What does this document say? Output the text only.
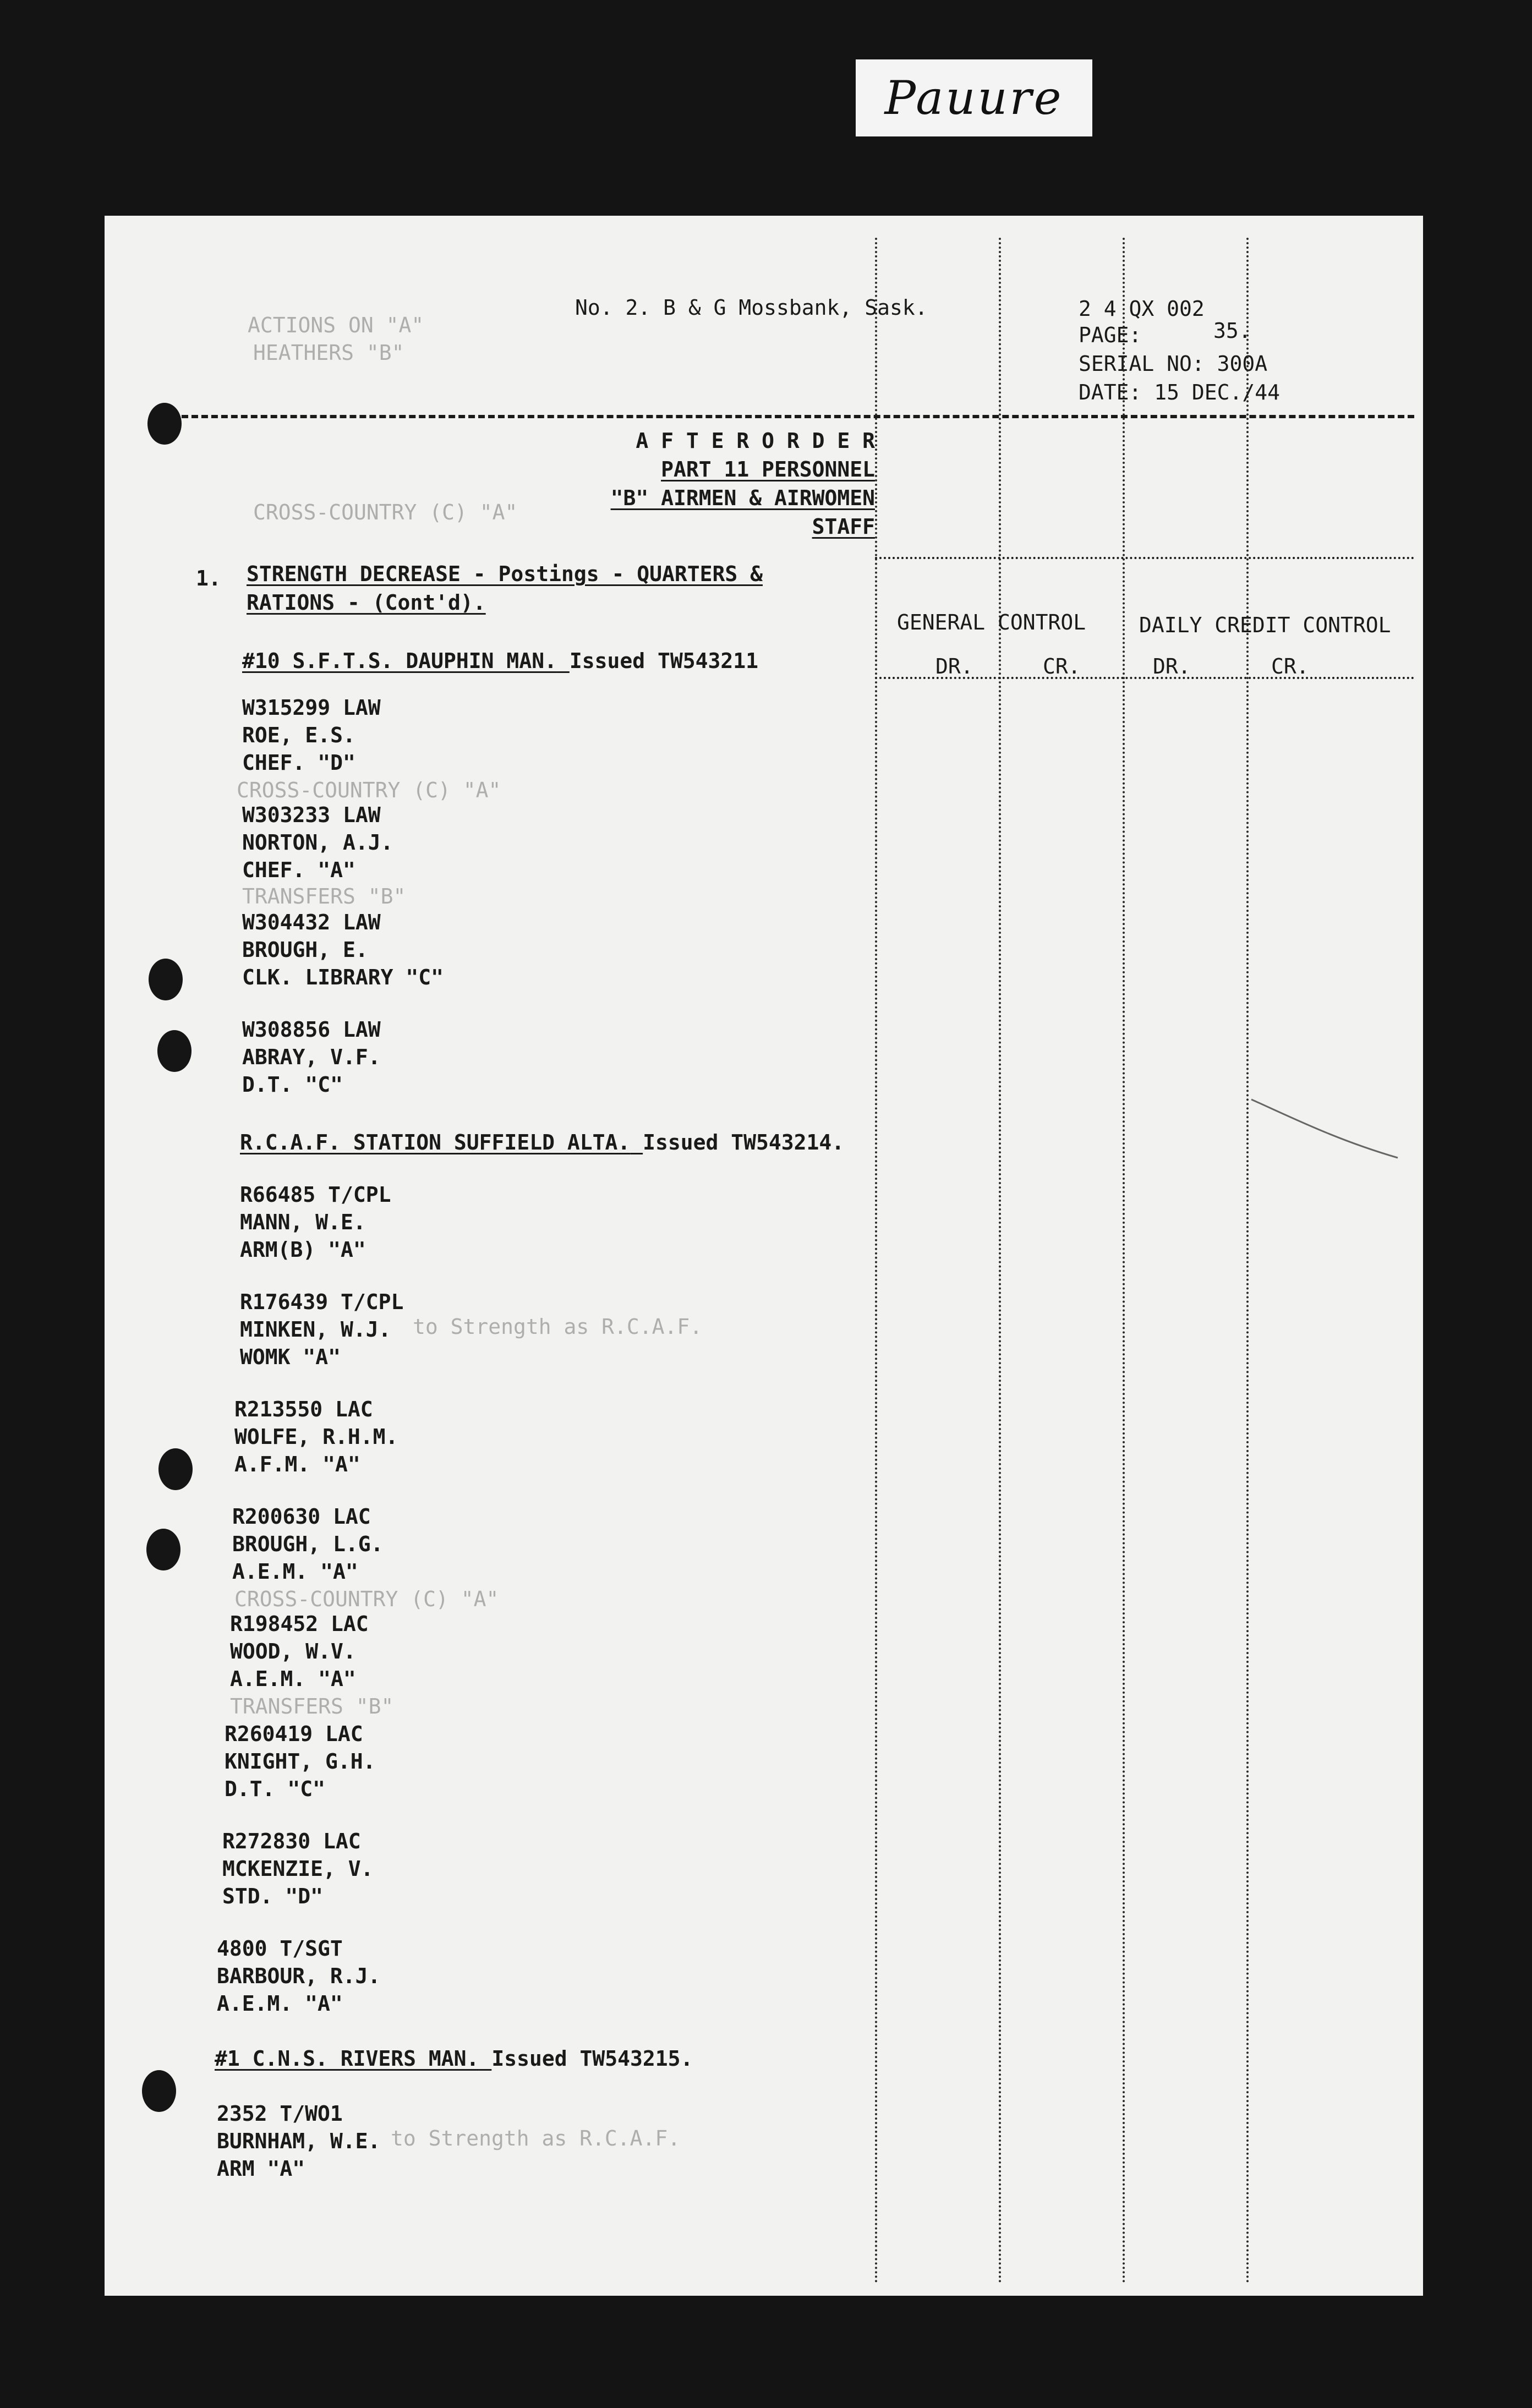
Pauure
No. 2. B & G Mossbank, Sask.	2 4 QX 002
PAGE:	35.
SERIAL NO: 300A
DATE: 15 DEC./44
ACTIONS ON "A"
HEATHERS "B"
A F T E R O R D E R
PART 11 PERSONNEL
"B" AIRMEN & AIRWOMEN
STAFF
CROSS-COUNTRY (C) "A"
GENERAL CONTROL	DAILY CREDIT CONTROL
DR.	CR.	DR.	CR.
1. STRENGTH DECREASE - Postings - QUARTERS &
RATIONS - (Cont'd).
#10 S.F.T.S. DAUPHIN MAN. Issued TW543211
W315299 LAW
ROE, E.S.
CHEF. "D"
CROSS-COUNTRY (C) "A"
W303233 LAW
NORTON, A.J.
CHEF. "A"
TRANSFERS "B"
W304432 LAW
BROUGH, E.
CLK. LIBRARY "C"
W308856 LAW
ABRAY, V.F.
D.T. "C"
R.C.A.F. STATION SUFFIELD ALTA. Issued TW543214.
R66485 T/CPL
MANN, W.E.
ARM(B) "A"
R176439 T/CPL
MINKEN, W.J. to Strength as R.C.A.F.
WOMK "A"
R213550 LAC
WOLFE, R.H.M.
A.F.M. "A"
R200630 LAC
BROUGH, L.G.
A.E.M. "A"
CROSS-COUNTRY (C) "A"
R198452 LAC
WOOD, W.V.
A.E.M. "A"
TRANSFERS "B"
R260419 LAC
KNIGHT, G.H.
D.T. "C"
R272830 LAC
MCKENZIE, V.
STD. "D"
4800 T/SGT
BARBOUR, R.J.
A.E.M. "A"
#1 C.N.S. RIVERS MAN. Issued TW543215.
2352 T/WO1
BURNHAM, W.E. to Strength as R.C.A.F.
ARM "A"
